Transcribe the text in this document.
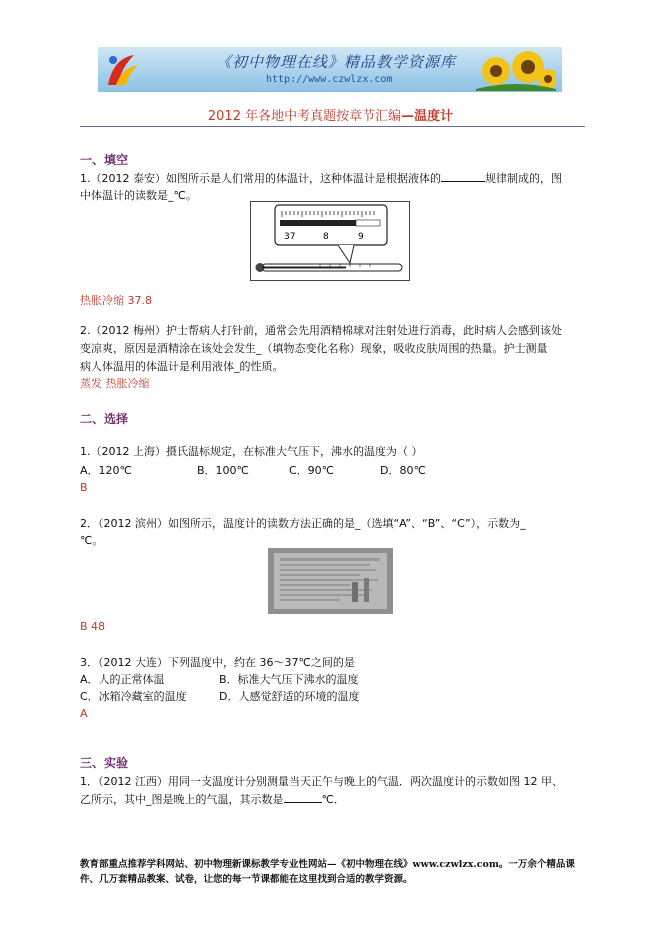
《初中物理在线》精品教学资源库
http://www.czwlzx.com
2012 年各地中考真题按章节汇编—温度计
一、填空
1.（2012 泰安）如图所示是人们常用的体温计，这种体温计是根据液体的	规律制成的，图
中体温计的读数是_℃。
37	8	9
热胀冷缩 37.8
2.（2012 梅州）护士帮病人打针前，通常会先用酒精棉球对注射处进行消毒，此时病人会感到该处
变凉爽，原因是酒精涂在该处会发生_（填物态变化名称）现象，吸收皮肤周围的热量。护士测量
病人体温用的体温计是利用液体_的性质。
蒸发 热胀冷缩
二、选择
1.（2012 上海）摄氏温标规定，在标准大气压下，沸水的温度为（ ）
A．120℃	B．100℃	C．90℃	D．80℃
B
2．（2012 滨州）如图所示，温度计的读数方法正确的是_（选填“A”、“B”、“C”），示数为_
℃。
B 48
3．（2012 大连）下列温度中，约在 36～37℃之间的是
A．人的正常体温	B．标准大气压下沸水的温度
C．冰箱冷藏室的温度	D．人感觉舒适的环境的温度
A
三、实验
1．（2012 江西）用同一支温度计分别测量当天正午与晚上的气温．两次温度计的示数如图 12 甲、
乙所示，其中_图是晚上的气温，其示数是	℃．
教育部重点推荐学科网站、初中物理新课标教学专业性网站—《初中物理在线》www.czwlzx.com。一万余个精品课
件、几万套精品教案、试卷，让您的每一节课都能在这里找到合适的教学资源。
